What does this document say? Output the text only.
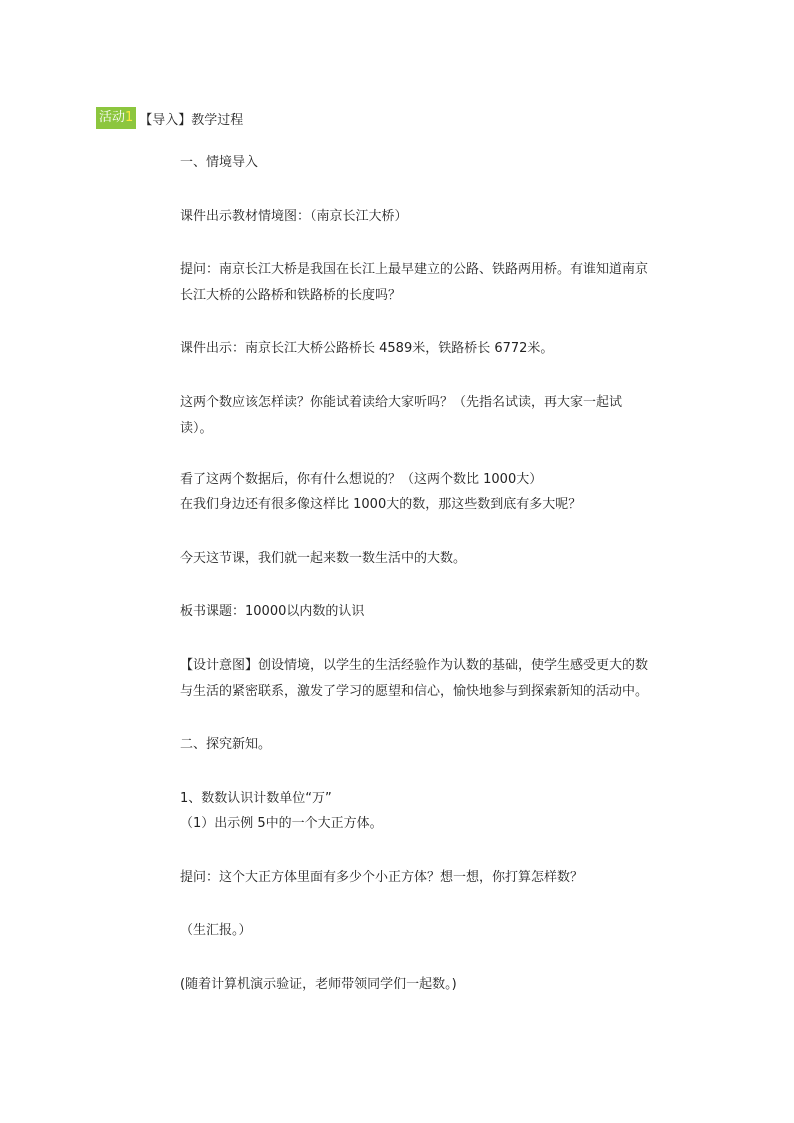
活动1 【导入】教学过程
一、情境导入
课件出示教材情境图：（南京长江大桥）
提问：南京长江大桥是我国在长江上最早建立的公路、铁路两用桥。有谁知道南京
长江大桥的公路桥和铁路桥的长度吗？
课件出示：南京长江大桥公路桥长 4589米，铁路桥长 6772米。
这两个数应该怎样读？你能试着读给大家听吗？（先指名试读，再大家一起试
读）。
看了这两个数据后，你有什么想说的？（这两个数比 1000大）
在我们身边还有很多像这样比 1000大的数，那这些数到底有多大呢？
今天这节课，我们就一起来数一数生活中的大数。
板书课题：10000以内数的认识
【设计意图】创设情境，以学生的生活经验作为认数的基础，使学生感受更大的数
与生活的紧密联系，激发了学习的愿望和信心，愉快地参与到探索新知的活动中。
二、探究新知。
1、数数认识计数单位“万”
（1）出示例 5中的一个大正方体。
提问：这个大正方体里面有多少个小正方体？想一想，你打算怎样数？
（生汇报。）
(随着计算机演示验证，老师带领同学们一起数。)
